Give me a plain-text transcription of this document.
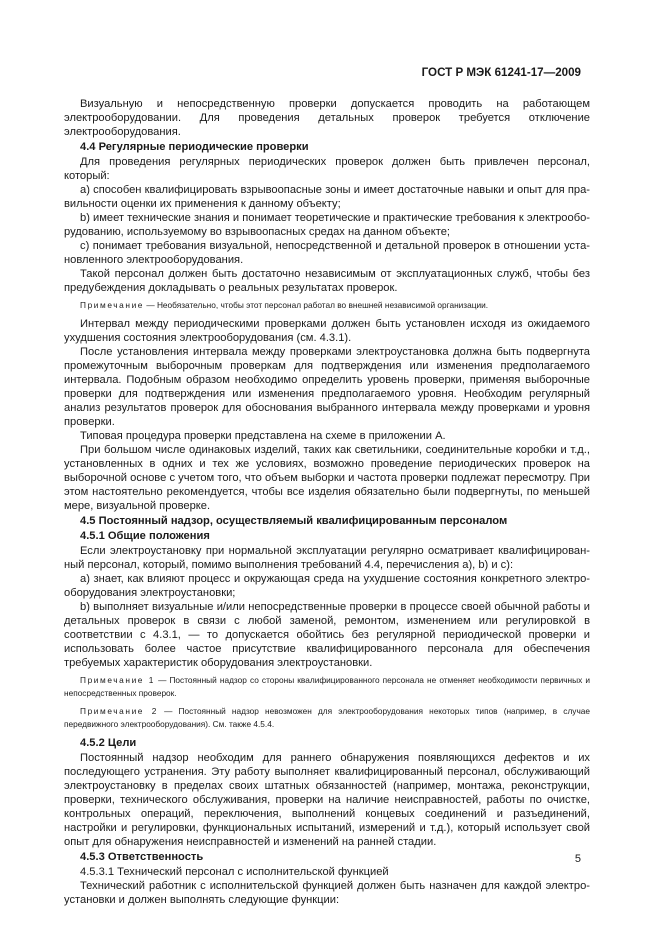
ГОСТ Р МЭК 61241-17—2009

Визуальную и непосредственную проверки допускается проводить на работающем электрооборудовании. Для проведения детальных проверок требуется отключение электрооборудования.

4.4 Регулярные периодические проверки

Для проведения регулярных периодических проверок должен быть привлечен персонал, который:

a) способен квалифицировать взрывоопасные зоны и имеет достаточные навыки и опыт для правильности оценки их применения к данному объекту;

b) имеет технические знания и понимает теоретические и практические требования к электрооборудованию, используемому во взрывоопасных средах на данном объекте;

c) понимает требования визуальной, непосредственной и детальной проверок в отношении установленного электрооборудования.

Такой персонал должен быть достаточно независимым от эксплуатационных служб, чтобы без предубеждения докладывать о реальных результатах проверок.

Примечание — Необязательно, чтобы этот персонал работал во внешней независимой организации.

Интервал между периодическими проверками должен быть установлен исходя из ожидаемого ухудшения состояния электрооборудования (см. 4.3.1).

После установления интервала между проверками электроустановка должна быть подвергнута промежуточным выборочным проверкам для подтверждения или изменения предполагаемого интервала. Подобным образом необходимо определить уровень проверки, применяя выборочные проверки для подтверждения или изменения предполагаемого уровня. Необходим регулярный анализ результатов проверок для обоснования выбранного интервала между проверками и уровня проверки.

Типовая процедура проверки представлена на схеме в приложении А.

При большом числе одинаковых изделий, таких как светильники, соединительные коробки и т.д., установленных в одних и тех же условиях, возможно проведение периодических проверок на выборочной основе с учетом того, что объем выборки и частота проверки подлежат пересмотру. При этом настоятельно рекомендуется, чтобы все изделия обязательно были подвергнуты, по меньшей мере, визуальной проверке.

4.5 Постоянный надзор, осуществляемый квалифицированным персоналом

4.5.1 Общие положения

Если электроустановку при нормальной эксплуатации регулярно осматривает квалифицированный персонал, который, помимо выполнения требований 4.4, перечисления a), b) и c):

a) знает, как влияют процесс и окружающая среда на ухудшение состояния конкретного электрооборудования электроустановки;

b) выполняет визуальные и/или непосредственные проверки в процессе своей обычной работы и детальных проверок в связи с любой заменой, ремонтом, изменением или регулировкой в соответствии с 4.3.1, — то допускается обойтись без регулярной периодической проверки и использовать более частое присутствие квалифицированного персонала для обеспечения требуемых характеристик оборудования электроустановки.

Примечание 1 — Постоянный надзор со стороны квалифицированного персонала не отменяет необходимости первичных и непосредственных проверок.

Примечание 2 — Постоянный надзор невозможен для электрооборудования некоторых типов (например, в случае передвижного электрооборудования). См. также 4.5.4.

4.5.2 Цели

Постоянный надзор необходим для раннего обнаружения появляющихся дефектов и их последующего устранения. Эту работу выполняет квалифицированный персонал, обслуживающий электроустановку в пределах своих штатных обязанностей (например, монтажа, реконструкции, проверки, технического обслуживания, проверки на наличие неисправностей, работы по очистке, контрольных операций, переключения, выполнений концевых соединений и разъединений, настройки и регулировки, функциональных испытаний, измерений и т.д.), который использует свой опыт для обнаружения неисправностей и изменений на ранней стадии.

4.5.3 Ответственность

4.5.3.1 Технический персонал с исполнительской функцией

Технический работник с исполнительской функцией должен быть назначен для каждой электроустановки и должен выполнять следующие функции:

5
